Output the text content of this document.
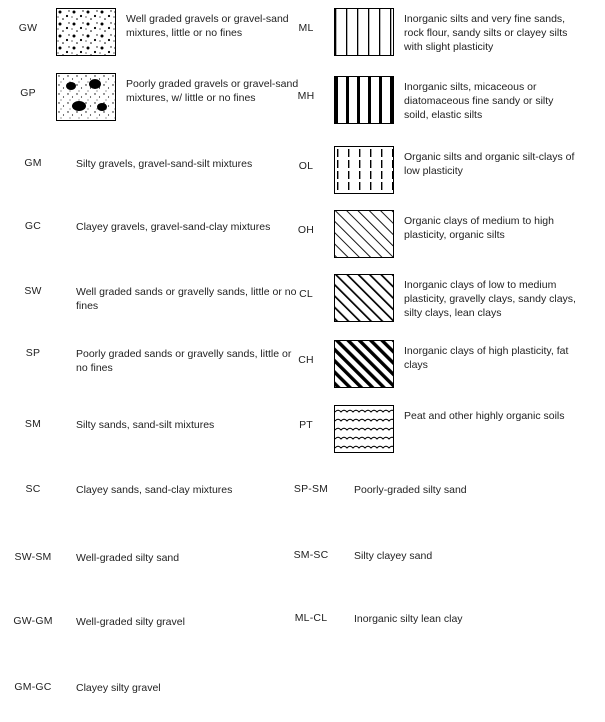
GW
Well graded gravels or gravel-sand mixtures, little or no fines
GP
Poorly graded gravels or gravel-sand mixtures, w/ little or no fines
GM	Silty gravels, gravel-sand-silt mixtures
GC	Clayey gravels, gravel-sand-clay mixtures
SW	Well graded sands or gravelly sands, little or no fines
SP	Poorly graded sands or gravelly sands, little or no fines
SM	Silty sands, sand-silt mixtures
SC	Clayey sands, sand-clay mixtures
SW-SM	Well-graded silty sand
GW-GM	Well-graded silty gravel
GM-GC	Clayey silty gravel
ML
Inorganic silts and very fine sands, rock flour, sandy silts or clayey silts with slight plasticity
MH
Inorganic silts, micaceous or diatomaceous fine sandy or silty soild, elastic silts
OL
Organic silts and organic silt-clays of low plasticity
OH
Organic clays of medium to high plasticity, organic silts
CL
Inorganic clays of low to medium plasticity, gravelly clays, sandy clays, silty clays, lean clays
CH
Inorganic clays of high plasticity, fat clays
PT
Peat and other highly organic soils
SP-SM	Poorly-graded silty sand
SM-SC	Silty clayey sand
ML-CL	Inorganic silty lean clay
